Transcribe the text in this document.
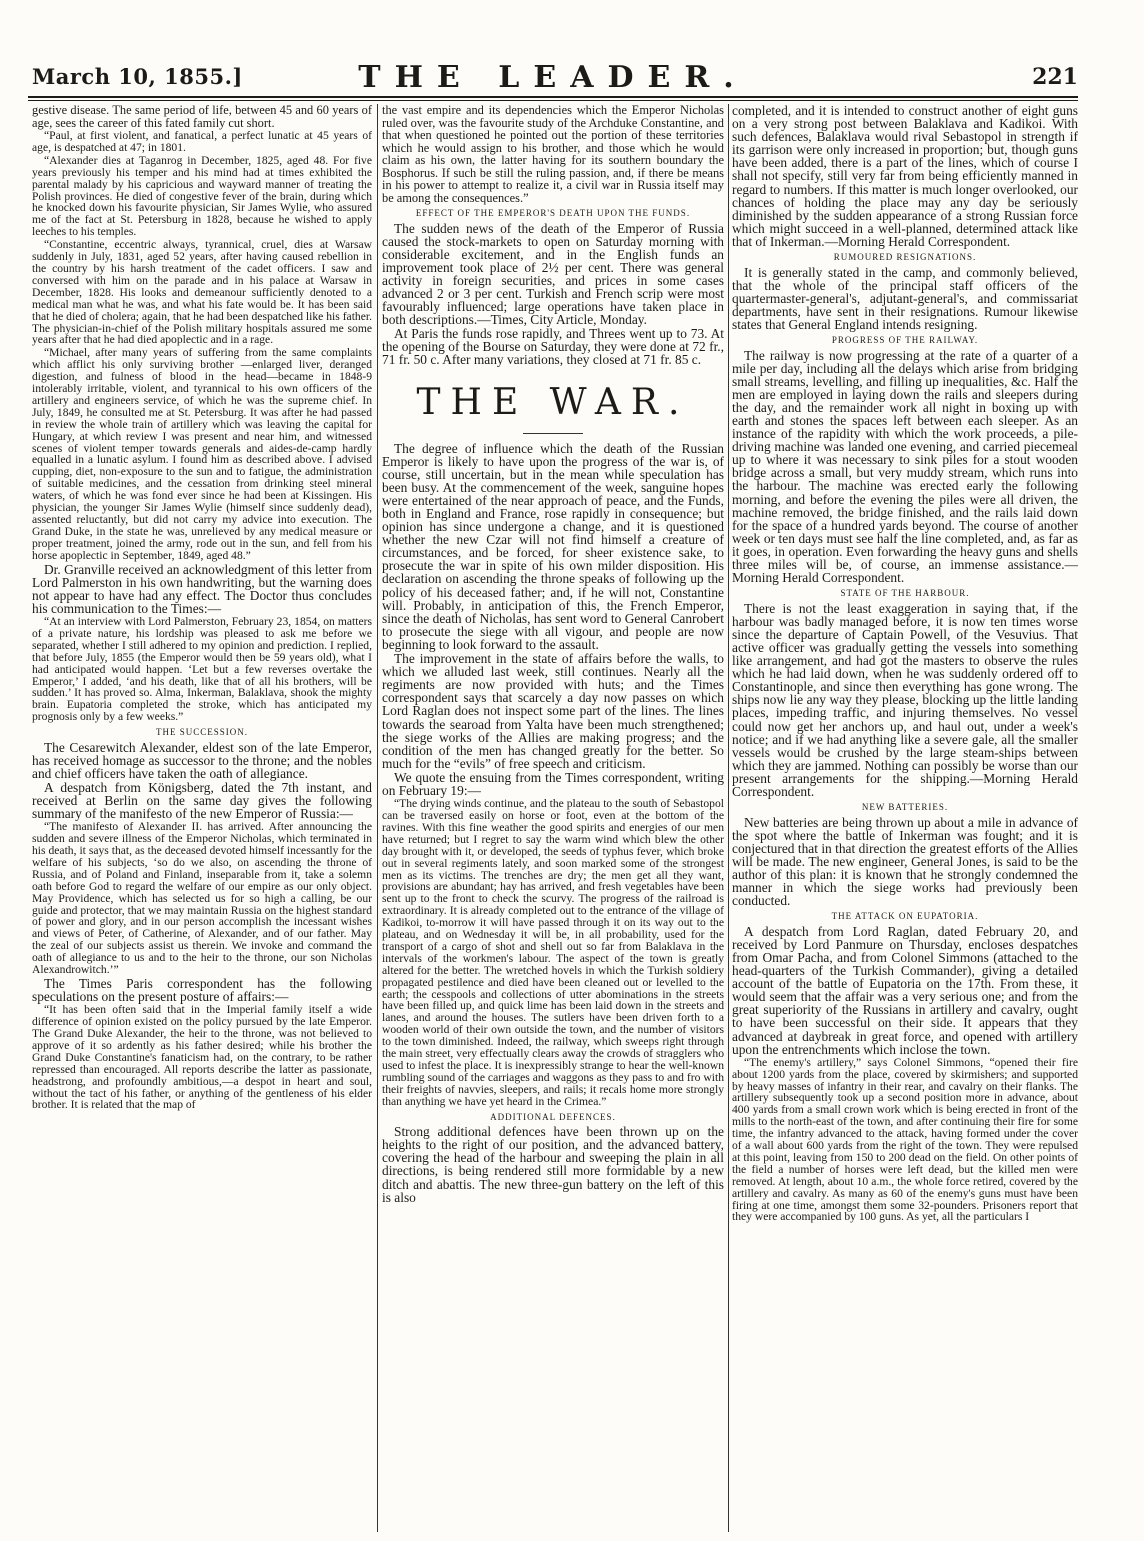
March 10, 1855.]	THE LEADER.	221

gestive disease. The same period of life, between 45 and 60 years of age, sees the career of this fated family cut short.

“Paul, at first violent, and fanatical, a perfect lunatic at 45 years of age, is despatched at 47; in 1801.

“Alexander dies at Taganrog in December, 1825, aged 48. For five years previously his temper and his mind had at times exhibited the parental malady by his capricious and wayward manner of treating the Polish provinces. He died of congestive fever of the brain, during which he knocked down his favourite physician, Sir James Wylie, who assured me of the fact at St. Petersburg in 1828, because he wished to apply leeches to his temples.

“Constantine, eccentric always, tyrannical, cruel, dies at Warsaw suddenly in July, 1831, aged 52 years, after having caused rebellion in the country by his harsh treatment of the cadet officers. I saw and conversed with him on the parade and in his palace at Warsaw in December, 1828. His looks and demeanour sufficiently denoted to a medical man what he was, and what his fate would be. It has been said that he died of cholera; again, that he had been despatched like his father. The physician-in-chief of the Polish military hospitals assured me some years after that he had died apoplectic and in a rage.

“Michael, after many years of suffering from the same complaints which afflict his only surviving brother —enlarged liver, deranged digestion, and fulness of blood in the head—became in 1848-9 intolerably irritable, violent, and tyrannical to his own officers of the artillery and engineers service, of which he was the supreme chief. In July, 1849, he consulted me at St. Petersburg. It was after he had passed in review the whole train of artillery which was leaving the capital for Hungary, at which review I was present and near him, and witnessed scenes of violent temper towards generals and aides-de-camp hardly equalled in a lunatic asylum. I found him as described above. I advised cupping, diet, non-exposure to the sun and to fatigue, the administration of suitable medicines, and the cessation from drinking steel mineral waters, of which he was fond ever since he had been at Kissingen. His physician, the younger Sir James Wylie (himself since suddenly dead), assented reluctantly, but did not carry my advice into execution. The Grand Duke, in the state he was, unrelieved by any medical measure or proper treatment, joined the army, rode out in the sun, and fell from his horse apoplectic in September, 1849, aged 48.”

Dr. Granville received an acknowledgment of this letter from Lord Palmerston in his own handwriting, but the warning does not appear to have had any effect. The Doctor thus concludes his communication to the Times:—

“At an interview with Lord Palmerston, February 23, 1854, on matters of a private nature, his lordship was pleased to ask me before we separated, whether I still adhered to my opinion and prediction. I replied, that before July, 1855 (the Emperor would then be 59 years old), what I had anticipated would happen. ‘Let but a few reverses overtake the Emperor,’ I added, ‘and his death, like that of all his brothers, will be sudden.’ It has proved so. Alma, Inkerman, Balaklava, shook the mighty brain. Eupatoria completed the stroke, which has anticipated my prognosis only by a few weeks.”

THE SUCCESSION.

The Cesarewitch Alexander, eldest son of the late Emperor, has received homage as successor to the throne; and the nobles and chief officers have taken the oath of allegiance.

A despatch from Königsberg, dated the 7th instant, and received at Berlin on the same day gives the following summary of the manifesto of the new Emperor of Russia:—

“The manifesto of Alexander II. has arrived. After announcing the sudden and severe illness of the Emperor Nicholas, which terminated in his death, it says that, as the deceased devoted himself incessantly for the welfare of his subjects, ‘so do we also, on ascending the throne of Russia, and of Poland and Finland, inseparable from it, take a solemn oath before God to regard the welfare of our empire as our only object. May Providence, which has selected us for so high a calling, be our guide and protector, that we may maintain Russia on the highest standard of power and glory, and in our person accomplish the incessant wishes and views of Peter, of Catherine, of Alexander, and of our father. May the zeal of our subjects assist us therein. We invoke and command the oath of allegiance to us and to the heir to the throne, our son Nicholas Alexandrowitch.’”

The Times Paris correspondent has the following speculations on the present posture of affairs:—

“It has been often said that in the Imperial family itself a wide difference of opinion existed on the policy pursued by the late Emperor. The Grand Duke Alexander, the heir to the throne, was not believed to approve of it so ardently as his father desired; while his brother the Grand Duke Constantine's fanaticism had, on the contrary, to be rather repressed than encouraged. All reports describe the latter as passionate, headstrong, and profoundly ambitious,—a despot in heart and soul, without the tact of his father, or anything of the gentleness of his elder brother. It is related that the map of

the vast empire and its dependencies which the Emperor Nicholas ruled over, was the favourite study of the Archduke Constantine, and that when questioned he pointed out the portion of these territories which he would assign to his brother, and those which he would claim as his own, the latter having for its southern boundary the Bosphorus. If such be still the ruling passion, and, if there be means in his power to attempt to realize it, a civil war in Russia itself may be among the consequences.”

EFFECT OF THE EMPEROR'S DEATH UPON THE FUNDS.

The sudden news of the death of the Emperor of Russia caused the stock-markets to open on Saturday morning with considerable excitement, and in the English funds an improvement took place of 2½ per cent. There was general activity in foreign securities, and prices in some cases advanced 2 or 3 per cent. Turkish and French scrip were most favourably influenced; large operations have taken place in both descriptions.—Times, City Article, Monday.

At Paris the funds rose rapidly, and Threes went up to 73. At the opening of the Bourse on Saturday, they were done at 72 fr., 71 fr. 50 c. After many variations, they closed at 71 fr. 85 c.

THE WAR.

The degree of influence which the death of the Russian Emperor is likely to have upon the progress of the war is, of course, still uncertain, but in the mean while speculation has been busy. At the commencement of the week, sanguine hopes were entertained of the near approach of peace, and the Funds, both in England and France, rose rapidly in consequence; but opinion has since undergone a change, and it is questioned whether the new Czar will not find himself a creature of circumstances, and be forced, for sheer existence sake, to prosecute the war in spite of his own milder disposition. His declaration on ascending the throne speaks of following up the policy of his deceased father; and, if he will not, Constantine will. Probably, in anticipation of this, the French Emperor, since the death of Nicholas, has sent word to General Canrobert to prosecute the siege with all vigour, and people are now beginning to look forward to the assault.

The improvement in the state of affairs before the walls, to which we alluded last week, still continues. Nearly all the regiments are now provided with huts; and the Times correspondent says that scarcely a day now passes on which Lord Raglan does not inspect some part of the lines. The lines towards the searoad from Yalta have been much strengthened; the siege works of the Allies are making progress; and the condition of the men has changed greatly for the better. So much for the “evils” of free speech and criticism.

We quote the ensuing from the Times correspondent, writing on February 19:—

“The drying winds continue, and the plateau to the south of Sebastopol can be traversed easily on horse or foot, even at the bottom of the ravines. With this fine weather the good spirits and energies of our men have returned; but I regret to say the warm wind which blew the other day brought with it, or developed, the seeds of typhus fever, which broke out in several regiments lately, and soon marked some of the strongest men as its victims. The trenches are dry; the men get all they want, provisions are abundant; hay has arrived, and fresh vegetables have been sent up to the front to check the scurvy. The progress of the railroad is extraordinary. It is already completed out to the entrance of the village of Kadikoi, to-morrow it will have passed through it on its way out to the plateau, and on Wednesday it will be, in all probability, used for the transport of a cargo of shot and shell out so far from Balaklava in the intervals of the workmen's labour. The aspect of the town is greatly altered for the better. The wretched hovels in which the Turkish soldiery propagated pestilence and died have been cleaned out or levelled to the earth; the cesspools and collections of utter abominations in the streets have been filled up, and quick lime has been laid down in the streets and lanes, and around the houses. The sutlers have been driven forth to a wooden world of their own outside the town, and the number of visitors to the town diminished. Indeed, the railway, which sweeps right through the main street, very effectually clears away the crowds of stragglers who used to infest the place. It is inexpressibly strange to hear the well-known rumbling sound of the carriages and waggons as they pass to and fro with their freights of navvies, sleepers, and rails; it recals home more strongly than anything we have yet heard in the Crimea.”

ADDITIONAL DEFENCES.

Strong additional defences have been thrown up on the heights to the right of our position, and the advanced battery, covering the head of the harbour and sweeping the plain in all directions, is being rendered still more formidable by a new ditch and abattis. The new three-gun battery on the left of this is also

completed, and it is intended to construct another of eight guns on a very strong post between Balaklava and Kadikoi. With such defences, Balaklava would rival Sebastopol in strength if its garrison were only increased in proportion; but, though guns have been added, there is a part of the lines, which of course I shall not specify, still very far from being efficiently manned in regard to numbers. If this matter is much longer overlooked, our chances of holding the place may any day be seriously diminished by the sudden appearance of a strong Russian force which might succeed in a well-planned, determined attack like that of Inkerman.—Morning Herald Correspondent.

RUMOURED RESIGNATIONS.

It is generally stated in the camp, and commonly believed, that the whole of the principal staff officers of the quartermaster-general's, adjutant-general's, and commissariat departments, have sent in their resignations. Rumour likewise states that General England intends resigning.

PROGRESS OF THE RAILWAY.

The railway is now progressing at the rate of a quarter of a mile per day, including all the delays which arise from bridging small streams, levelling, and filling up inequalities, &c. Half the men are employed in laying down the rails and sleepers during the day, and the remainder work all night in boxing up with earth and stones the spaces left between each sleeper. As an instance of the rapidity with which the work proceeds, a pile-driving machine was landed one evening, and carried piecemeal up to where it was necessary to sink piles for a stout wooden bridge across a small, but very muddy stream, which runs into the harbour. The machine was erected early the following morning, and before the evening the piles were all driven, the machine removed, the bridge finished, and the rails laid down for the space of a hundred yards beyond. The course of another week or ten days must see half the line completed, and, as far as it goes, in operation. Even forwarding the heavy guns and shells three miles will be, of course, an immense assistance.—Morning Herald Correspondent.

STATE OF THE HARBOUR.

There is not the least exaggeration in saying that, if the harbour was badly managed before, it is now ten times worse since the departure of Captain Powell, of the Vesuvius. That active officer was gradually getting the vessels into something like arrangement, and had got the masters to observe the rules which he had laid down, when he was suddenly ordered off to Constantinople, and since then everything has gone wrong. The ships now lie any way they please, blocking up the little landing places, impeding traffic, and injuring themselves. No vessel could now get her anchors up, and haul out, under a week's notice; and if we had anything like a severe gale, all the smaller vessels would be crushed by the large steam-ships between which they are jammed. Nothing can possibly be worse than our present arrangements for the shipping.—Morning Herald Correspondent.

NEW BATTERIES.

New batteries are being thrown up about a mile in advance of the spot where the battle of Inkerman was fought; and it is conjectured that in that direction the greatest efforts of the Allies will be made. The new engineer, General Jones, is said to be the author of this plan: it is known that he strongly condemned the manner in which the siege works had previously been conducted.

THE ATTACK ON EUPATORIA.

A despatch from Lord Raglan, dated February 20, and received by Lord Panmure on Thursday, encloses despatches from Omar Pacha, and from Colonel Simmons (attached to the head-quarters of the Turkish Commander), giving a detailed account of the battle of Eupatoria on the 17th. From these, it would seem that the affair was a very serious one; and from the great superiority of the Russians in artillery and cavalry, ought to have been successful on their side. It appears that they advanced at daybreak in great force, and opened with artillery upon the entrenchments which inclose the town.

“The enemy's artillery,” says Colonel Simmons, “opened their fire about 1200 yards from the place, covered by skirmishers; and supported by heavy masses of infantry in their rear, and cavalry on their flanks. The artillery subsequently took up a second position more in advance, about 400 yards from a small crown work which is being erected in front of the mills to the north-east of the town, and after continuing their fire for some time, the infantry advanced to the attack, having formed under the cover of a wall about 600 yards from the right of the town. They were repulsed at this point, leaving from 150 to 200 dead on the field. On other points of the field a number of horses were left dead, but the killed men were removed. At length, about 10 a.m., the whole force retired, covered by the artillery and cavalry. As many as 60 of the enemy's guns must have been firing at one time, amongst them some 32-pounders. Prisoners report that they were accompanied by 100 guns. As yet, all the particulars I
